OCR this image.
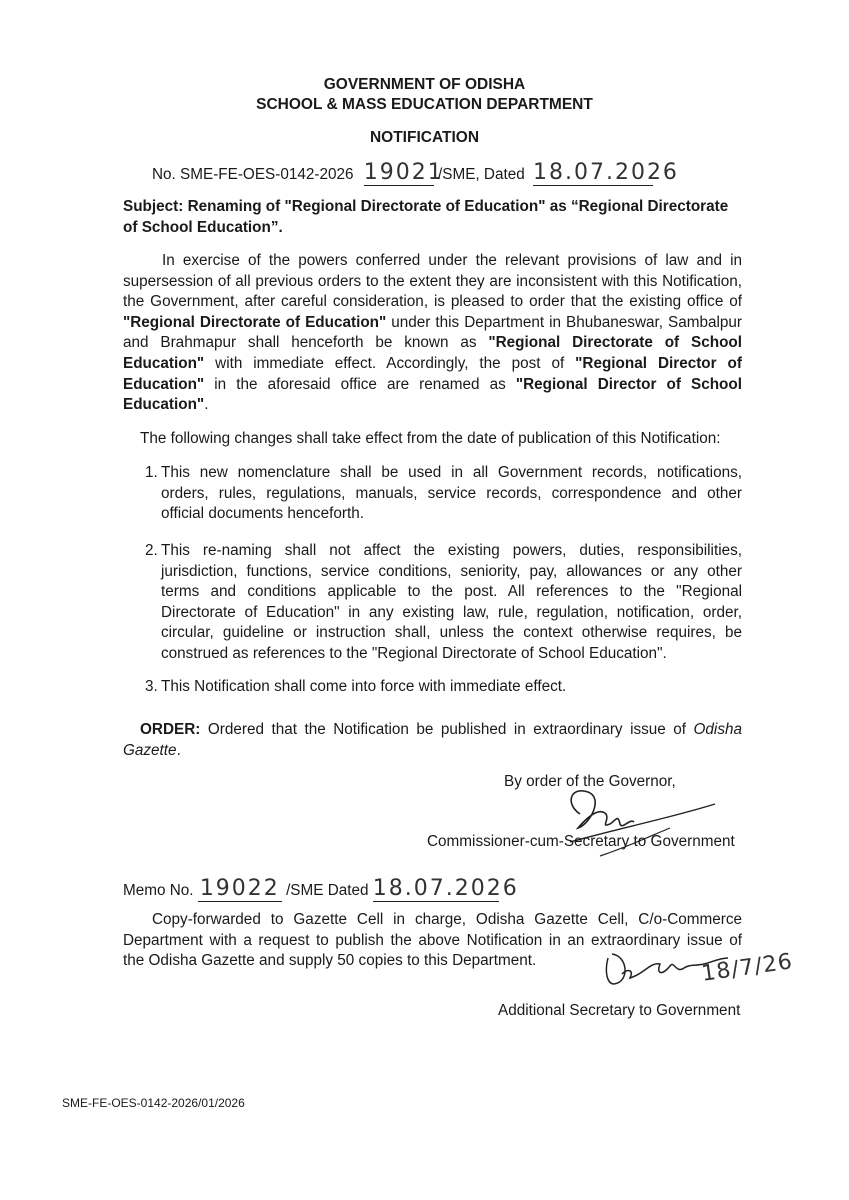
GOVERNMENT OF ODISHA
SCHOOL & MASS EDUCATION DEPARTMENT
NOTIFICATION
No. SME-FE-OES-0142-2026 19021 /SME, Dated 18.07.2026
Subject: Renaming of "Regional Directorate of Education" as “Regional Directorate
of School Education”.
In exercise of the powers conferred under the relevant provisions of law and in
supersession of all previous orders to the extent they are inconsistent with this Notification,
the Government, after careful consideration, is pleased to order that the existing office of
"Regional Directorate of Education" under this Department in Bhubaneswar, Sambalpur
and Brahmapur shall henceforth be known as "Regional Directorate of School
Education" with immediate effect. Accordingly, the post of "Regional Director of
Education" in the aforesaid office are renamed as "Regional Director of School
Education".
The following changes shall take effect from the date of publication of this Notification:
1. This new nomenclature shall be used in all Government records, notifications,
orders, rules, regulations, manuals, service records, correspondence and other
official documents henceforth.
2. This re-naming shall not affect the existing powers, duties, responsibilities,
jurisdiction, functions, service conditions, seniority, pay, allowances or any other
terms and conditions applicable to the post. All references to the "Regional
Directorate of Education" in any existing law, rule, regulation, notification, order,
circular, guideline or instruction shall, unless the context otherwise requires, be
construed as references to the "Regional Directorate of School Education".
3. This Notification shall come into force with immediate effect.
ORDER: Ordered that the Notification be published in extraordinary issue of Odisha
Gazette.
By order of the Governor,
Commissioner-cum-Secretary to Government
Memo No. 19022 /SME Dated 18.07.2026
Copy-forwarded to Gazette Cell in charge, Odisha Gazette Cell, C/o-Commerce
Department with a request to publish the above Notification in an extraordinary issue of
the Odisha Gazette and supply 50 copies to this Department.	18/7/26
Additional Secretary to Government
SME-FE-OES-0142-2026/01/2026
